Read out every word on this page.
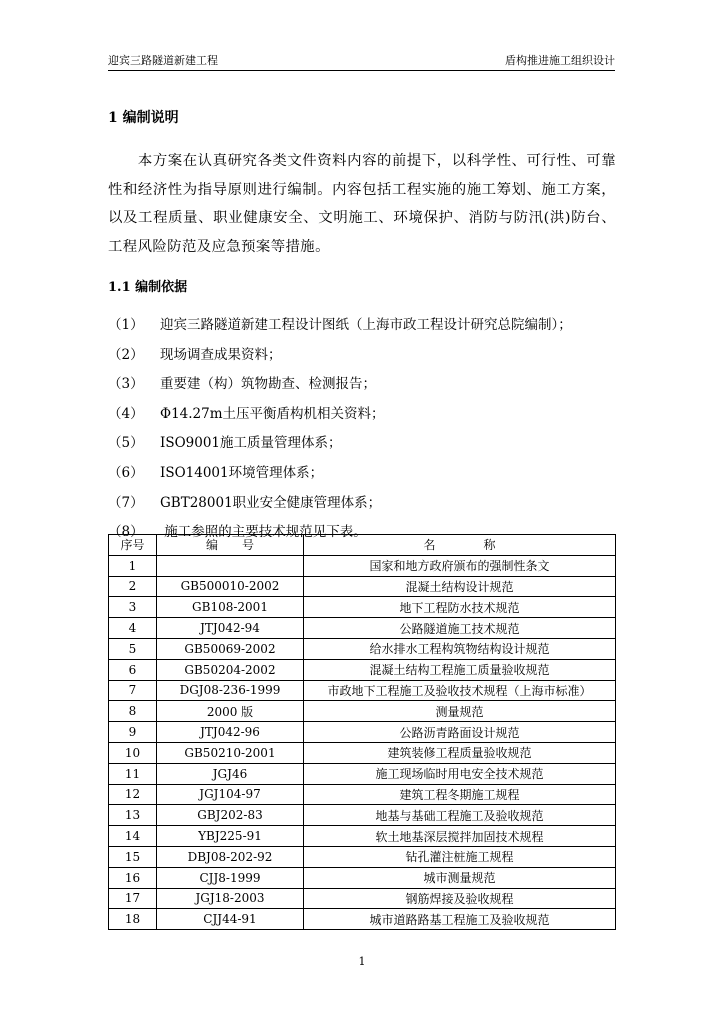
迎宾三路隧道新建工程	盾构推进施工组织设计
1 编制说明

　　本方案在认真研究各类文件资料内容的前提下，以科学性、可行性、可靠性和经济性为指导原则进行编制。内容包括工程实施的施工筹划、施工方案，以及工程质量、职业健康安全、文明施工、环境保护、消防与防汛(洪)防台、工程风险防范及应急预案等措施。

1.1 编制依据
（1） 迎宾三路隧道新建工程设计图纸（上海市政工程设计研究总院编制）；
（2） 现场调查成果资料；
（3） 重要建（构）筑物勘查、检测报告；
（4） Φ14.27m土压平衡盾构机相关资料；
（5） ISO9001施工质量管理体系；
（6） ISO14001环境管理体系；
（7） GBT28001职业安全健康管理体系；
（8） 施工参照的主要技术规范见下表。
序号	编　　号	名　　　　称
1		国家和地方政府颁布的强制性条文
2	GB500010-2002	混凝土结构设计规范
3	GB108-2001	地下工程防水技术规范
4	JTJ042-94	公路隧道施工技术规范
5	GB50069-2002	给水排水工程构筑物结构设计规范
6	GB50204-2002	混凝土结构工程施工质量验收规范
7	DGJ08-236-1999	市政地下工程施工及验收技术规程（上海市标准）
8	2000 版	测量规范
9	JTJ042-96	公路沥青路面设计规范
10	GB50210-2001	建筑装修工程质量验收规范
11	JGJ46	施工现场临时用电安全技术规范
12	JGJ104-97	建筑工程冬期施工规程
13	GBJ202-83	地基与基础工程施工及验收规范
14	YBJ225-91	软土地基深层搅拌加固技术规程
15	DBJ08-202-92	钻孔灌注桩施工规程
16	CJJ8-1999	城市测量规范
17	JGJ18-2003	钢筋焊接及验收规程
18	CJJ44-91	城市道路路基工程施工及验收规范
1
